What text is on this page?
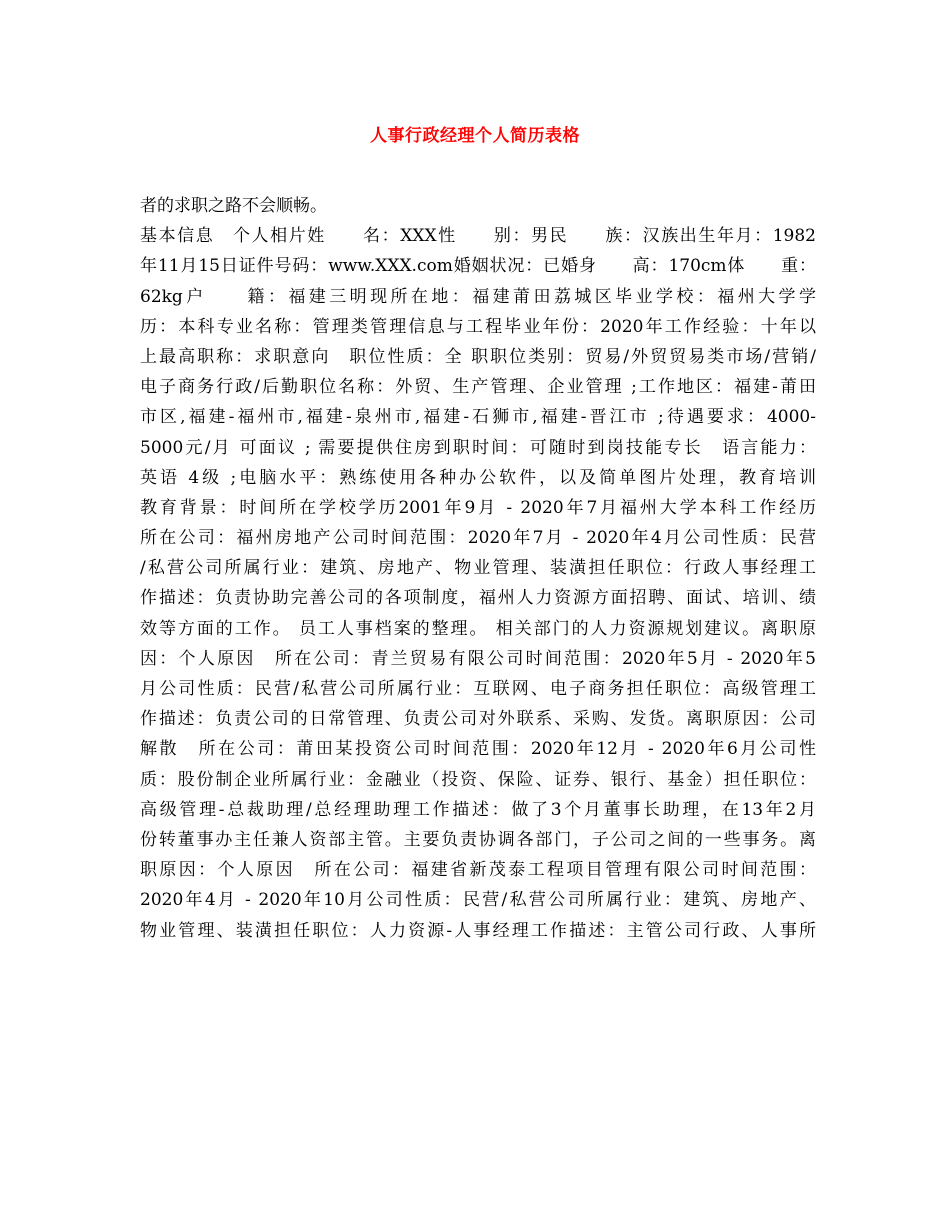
人事行政经理个人简历表格
者的求职之路不会顺畅。
基本信息　个人相片姓　　名：XXX性　　别：男民　　族：汉族出生年月：1982
年11月15日证件号码：www.XXX.com婚姻状况：已婚身　　高：170cm体　　重：
62kg户　　籍：福建三明现所在地：福建莆田荔城区毕业学校：福州大学学
历：本科专业名称：管理类管理信息与工程毕业年份：2020年工作经验：十年以
上最高职称：求职意向　职位性质：全 职职位类别：贸易/外贸贸易类市场/营销/
电子商务行政/后勤职位名称：外贸、生产管理、企业管理 ;工作地区：福建-莆田
市区,福建-福州市,福建-泉州市,福建-石狮市,福建-晋江市 ;待遇要求：4000-
5000元/月 可面议 ; 需要提供住房到职时间：可随时到岗技能专长　语言能力：
英语 4级 ;电脑水平：熟练使用各种办公软件，以及简单图片处理，教育培训
教育背景：时间所在学校学历2001年9月 - 2020年7月福州大学本科工作经历
所在公司：福州房地产公司时间范围：2020年7月 - 2020年4月公司性质：民营
/私营公司所属行业：建筑、房地产、物业管理、装潢担任职位：行政人事经理工
作描述：负责协助完善公司的各项制度，福州人力资源方面招聘、面试、培训、绩
效等方面的工作。 员工人事档案的整理。 相关部门的人力资源规划建议。离职原
因：个人原因　所在公司：青兰贸易有限公司时间范围：2020年5月 - 2020年5
月公司性质：民营/私营公司所属行业：互联网、电子商务担任职位：高级管理工
作描述：负责公司的日常管理、负责公司对外联系、采购、发货。离职原因：公司
解散　所在公司：莆田某投资公司时间范围：2020年12月 - 2020年6月公司性
质：股份制企业所属行业：金融业（投资、保险、证券、银行、基金）担任职位：
高级管理-总裁助理/总经理助理工作描述：做了3个月董事长助理，在13年2月
份转董事办主任兼人资部主管。主要负责协调各部门，子公司之间的一些事务。离
职原因：个人原因　所在公司：福建省新茂泰工程项目管理有限公司时间范围：
2020年4月 - 2020年10月公司性质：民营/私营公司所属行业：建筑、房地产、
物业管理、装潢担任职位：人力资源-人事经理工作描述：主管公司行政、人事所
